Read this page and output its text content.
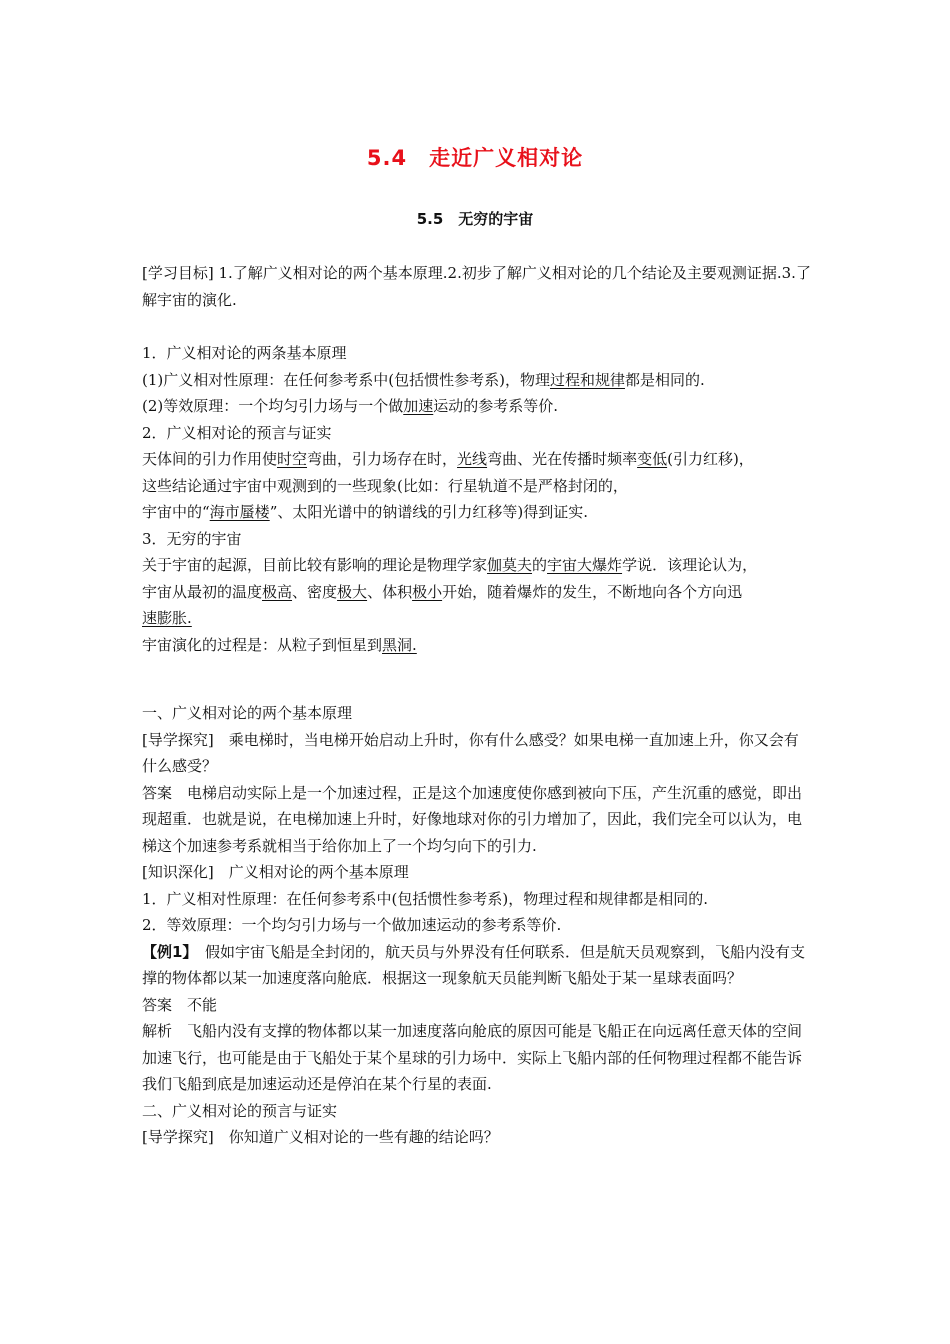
5.4　走近广义相对论
5.5　无穷的宇宙

[学习目标] 1.了解广义相对论的两个基本原理.2.初步了解广义相对论的几个结论及主要观测证据.3.了解宇宙的演化.

1．广义相对论的两条基本原理

(1)广义相对性原理：在任何参考系中(包括惯性参考系)，物理过程和规律都是相同的.

(2)等效原理：一个均匀引力场与一个做加速运动的参考系等价.

2．广义相对论的预言与证实

天体间的引力作用使时空弯曲，引力场存在时，光线弯曲、光在传播时频率变低(引力红移)，

这些结论通过宇宙中观测到的一些现象(比如：行星轨道不是严格封闭的，

宇宙中的“海市蜃楼”、太阳光谱中的钠谱线的引力红移等)得到证实.

3．无穷的宇宙

关于宇宙的起源，目前比较有影响的理论是物理学家伽莫夫的宇宙大爆炸学说．该理论认为，

宇宙从最初的温度极高、密度极大、体积极小开始，随着爆炸的发生，不断地向各个方向迅

速膨胀.

宇宙演化的过程是：从粒子到恒星到黑洞.

一、广义相对论的两个基本原理

[导学探究]　乘电梯时，当电梯开始启动上升时，你有什么感受？如果电梯一直加速上升，你又会有什么感受？

答案　电梯启动实际上是一个加速过程，正是这个加速度使你感到被向下压，产生沉重的感觉，即出现超重．也就是说，在电梯加速上升时，好像地球对你的引力增加了，因此，我们完全可以认为，电梯这个加速参考系就相当于给你加上了一个均匀向下的引力.

[知识深化]　广义相对论的两个基本原理

1．广义相对性原理：在任何参考系中(包括惯性参考系)，物理过程和规律都是相同的.

2．等效原理：一个均匀引力场与一个做加速运动的参考系等价.

【例1】　假如宇宙飞船是全封闭的，航天员与外界没有任何联系．但是航天员观察到，飞船内没有支撑的物体都以某一加速度落向舱底．根据这一现象航天员能判断飞船处于某一星球表面吗？

答案　不能

解析　飞船内没有支撑的物体都以某一加速度落向舱底的原因可能是飞船正在向远离任意天体的空间加速飞行，也可能是由于飞船处于某个星球的引力场中．实际上飞船内部的任何物理过程都不能告诉我们飞船到底是加速运动还是停泊在某个行星的表面.

二、广义相对论的预言与证实

[导学探究]　你知道广义相对论的一些有趣的结论吗？
